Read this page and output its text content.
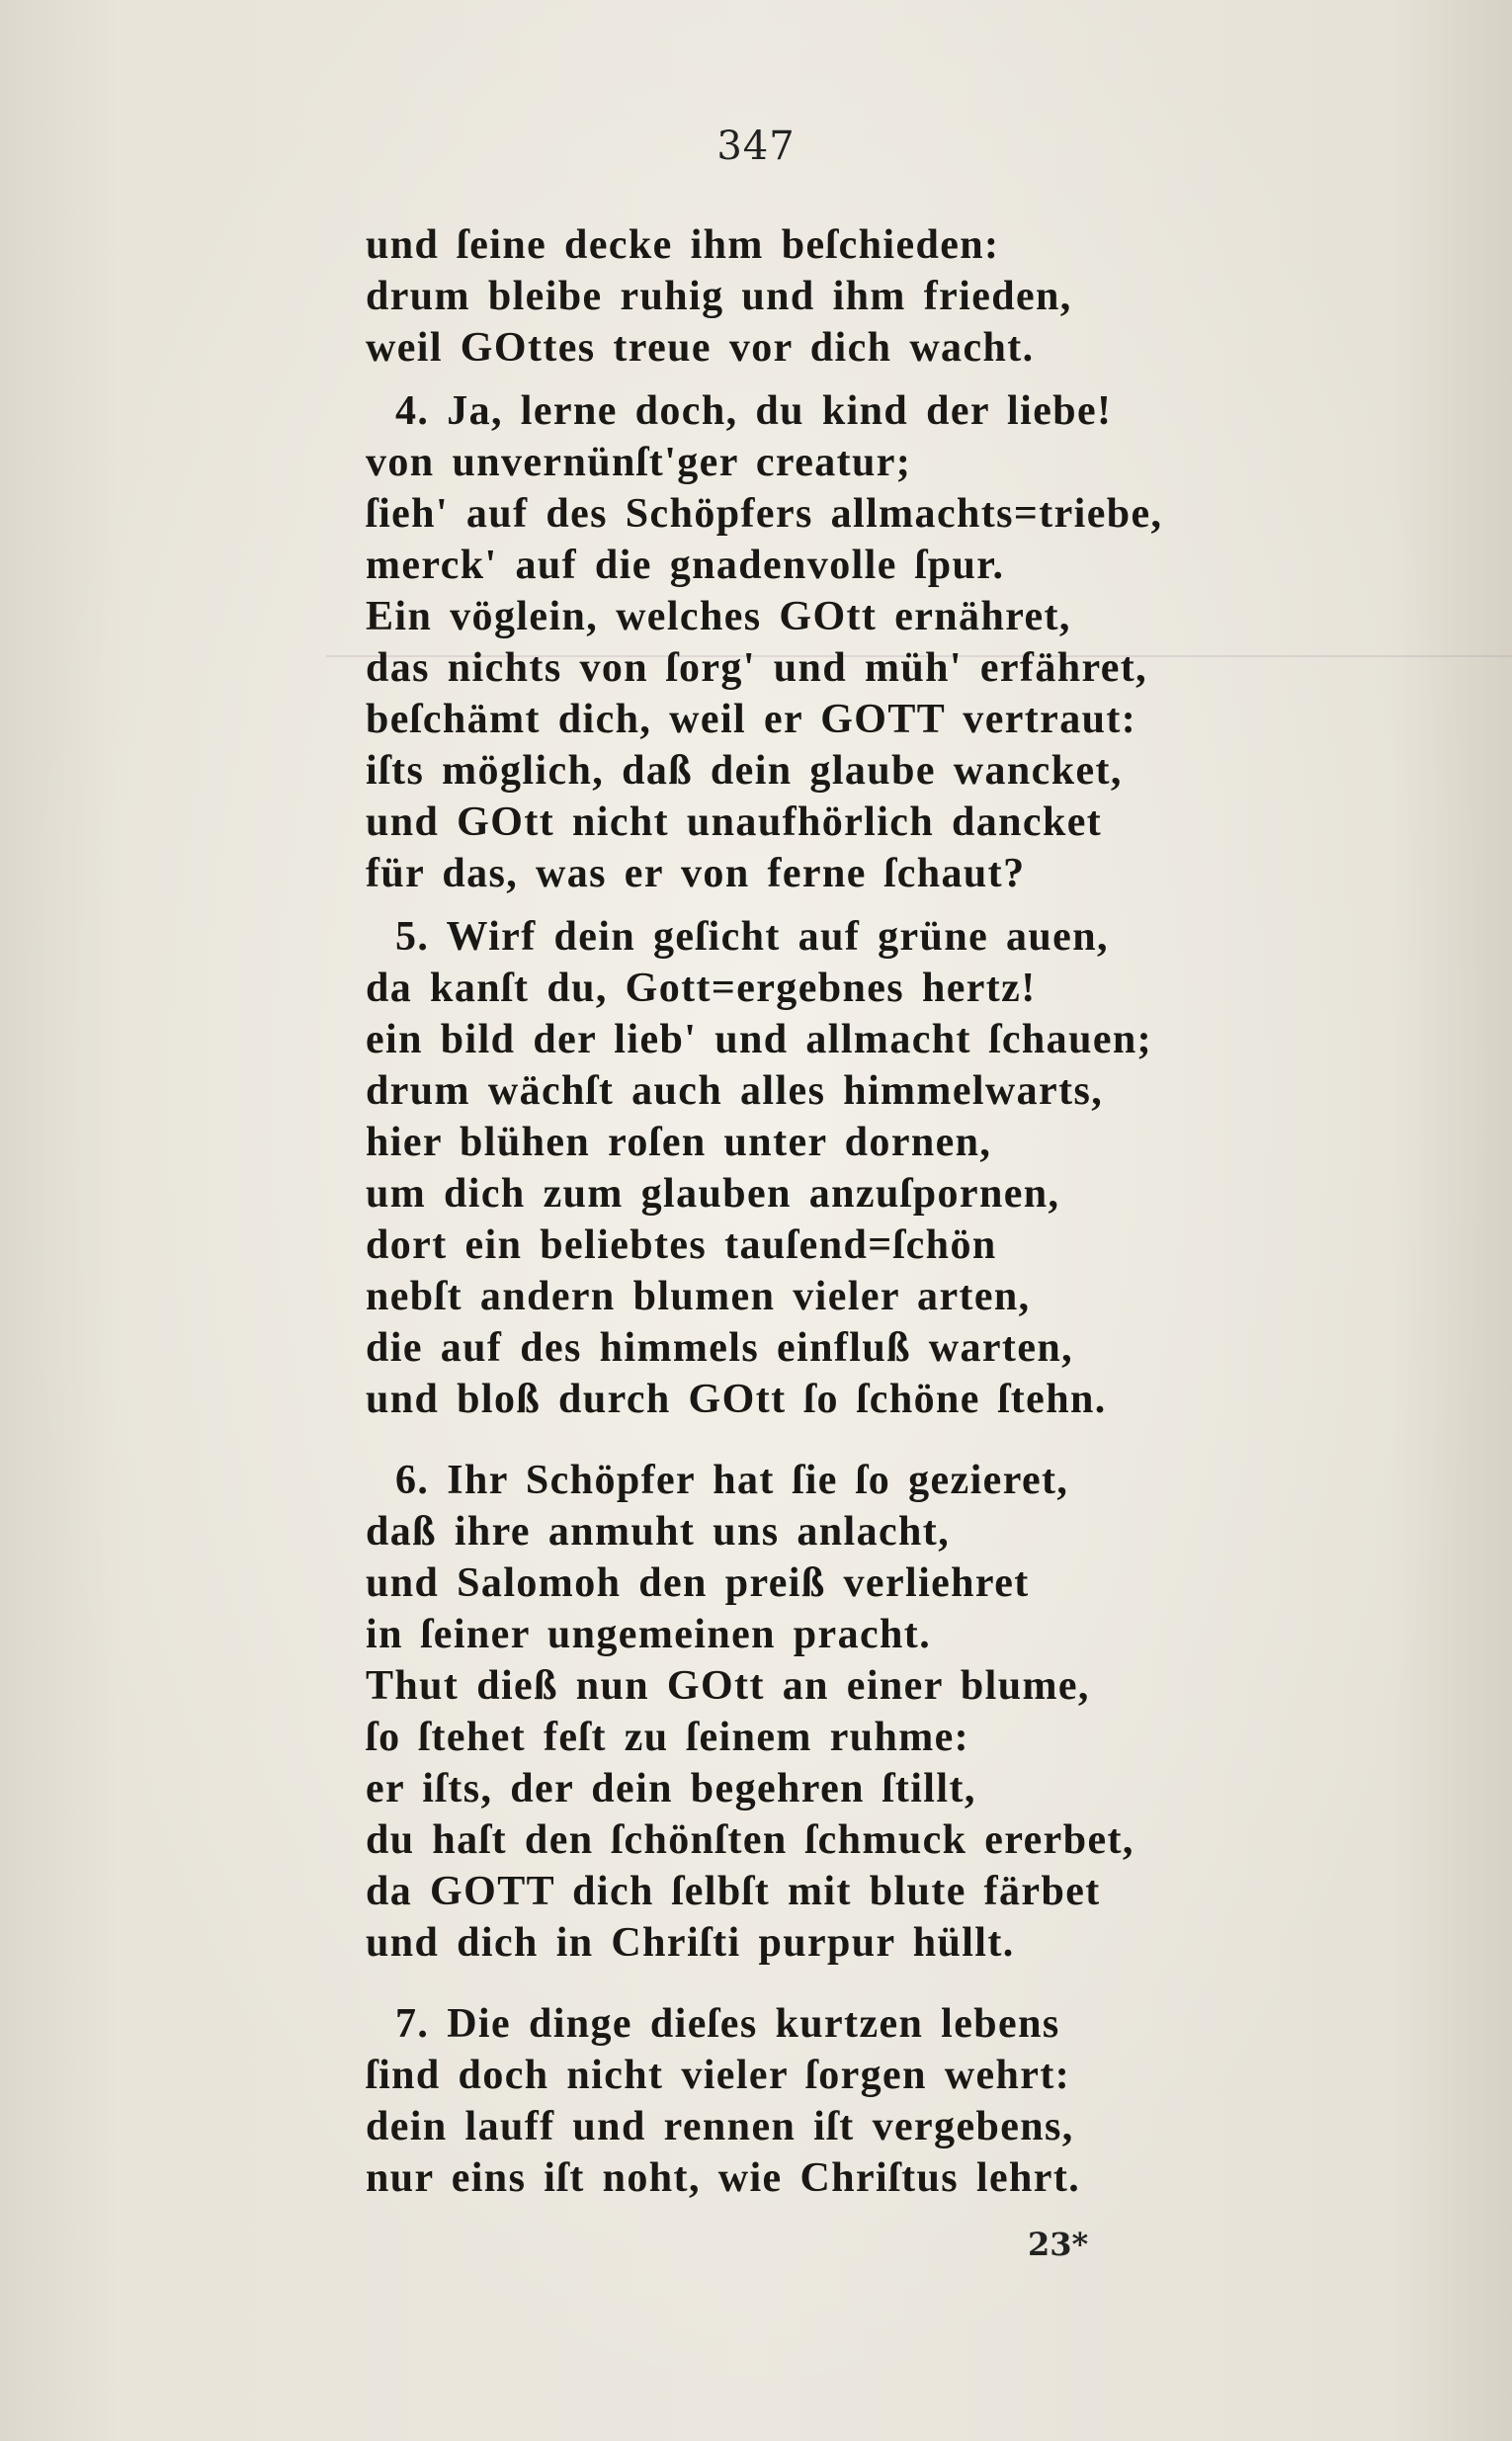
347
und ſeine decke ihm beſchieden:
drum bleibe ruhig und ihm frieden,
weil GOttes treue vor dich wacht.
4. Ja, lerne doch, du kind der liebe!
von unvernünſt'ger creatur;
ſieh' auf des Schöpfers allmachts=triebe,
merck' auf die gnadenvolle ſpur.
Ein vöglein, welches GOtt ernähret,
das nichts von ſorg' und müh' erfähret,
beſchämt dich, weil er GOTT vertraut:
iſts möglich, daß dein glaube wancket,
und GOtt nicht unaufhörlich dancket
für das, was er von ferne ſchaut?
5. Wirf dein geſicht auf grüne auen,
da kanſt du, Gott=ergebnes hertz!
ein bild der lieb' und allmacht ſchauen;
drum wächſt auch alles himmelwarts,
hier blühen roſen unter dornen,
um dich zum glauben anzuſpornen,
dort ein beliebtes tauſend=ſchön
nebſt andern blumen vieler arten,
die auf des himmels einfluß warten,
und bloß durch GOtt ſo ſchöne ſtehn.
6. Ihr Schöpfer hat ſie ſo gezieret,
daß ihre anmuht uns anlacht,
und Salomoh den preiß verliehret
in ſeiner ungemeinen pracht.
Thut dieß nun GOtt an einer blume,
ſo ſtehet feſt zu ſeinem ruhme:
er iſts, der dein begehren ſtillt,
du haſt den ſchönſten ſchmuck ererbet,
da GOTT dich ſelbſt mit blute färbet
und dich in Chriſti purpur hüllt.
7. Die dinge dieſes kurtzen lebens
ſind doch nicht vieler ſorgen wehrt:
dein lauff und rennen iſt vergebens,
nur eins iſt noht, wie Chriſtus lehrt.
23*
